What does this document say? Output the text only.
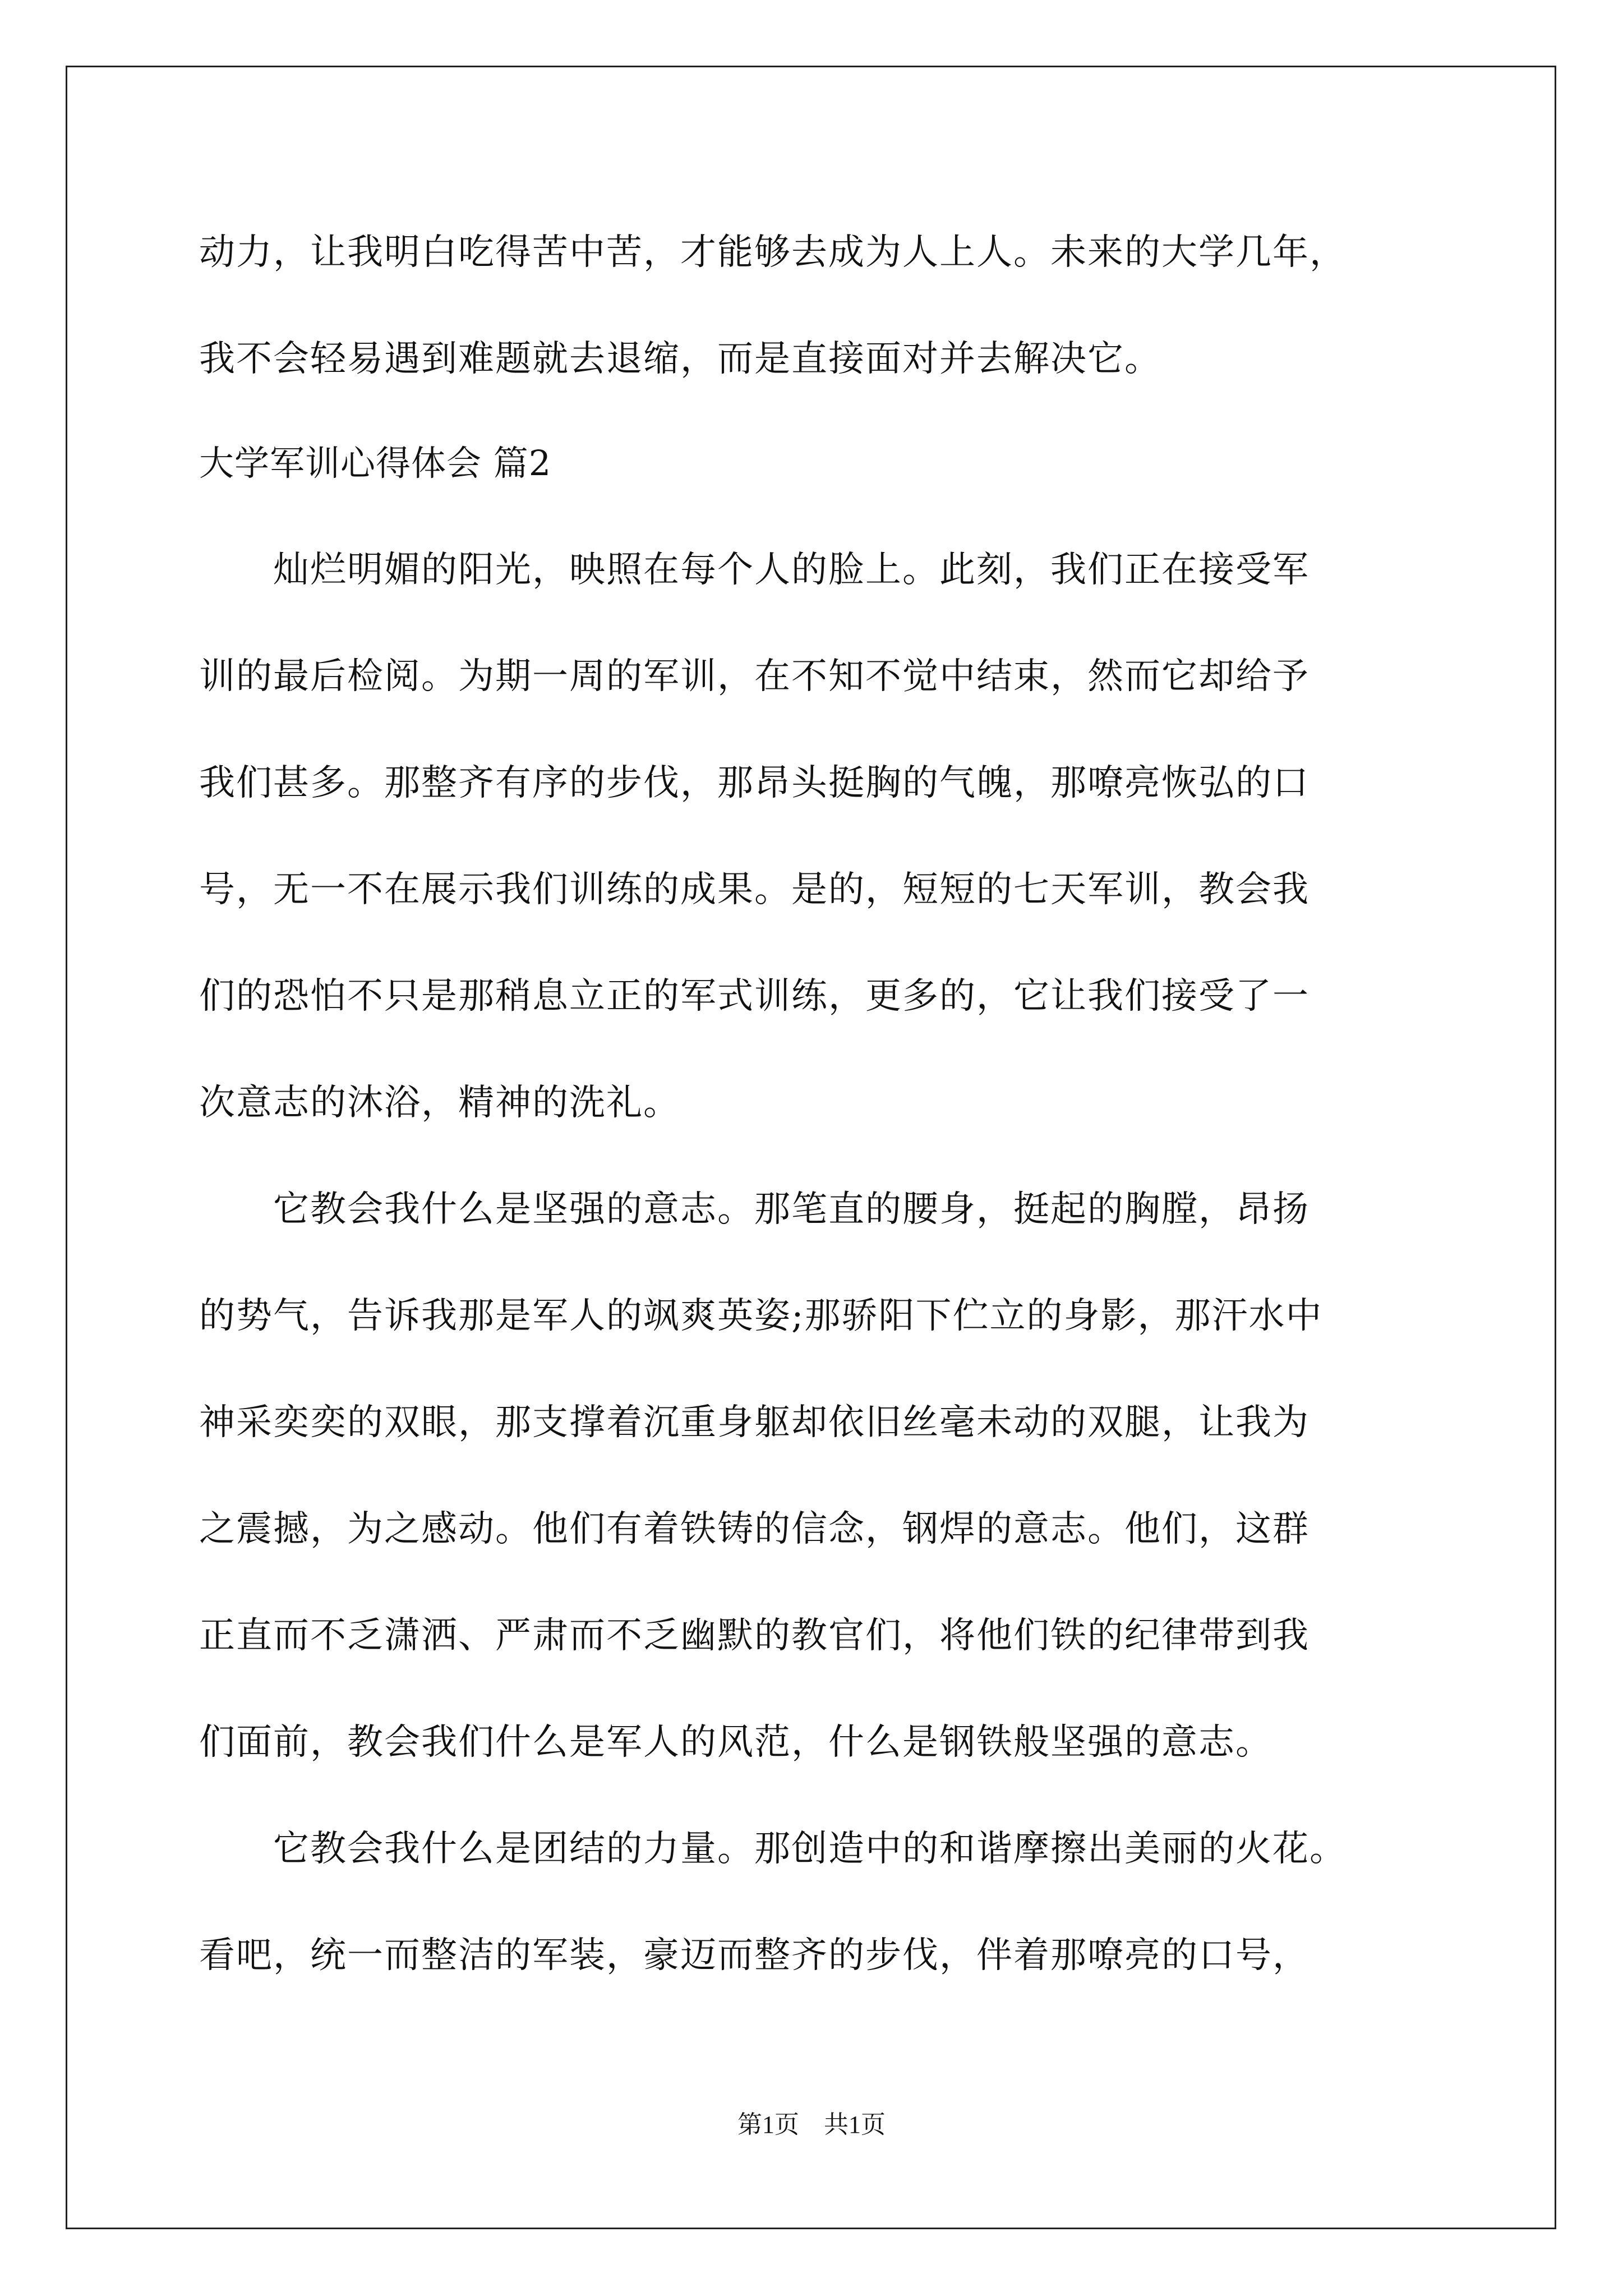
动力，让我明白吃得苦中苦，才能够去成为人上人。未来的大学几年，

我不会轻易遇到难题就去退缩，而是直接面对并去解决它。

大学军训心得体会 篇2

　　灿烂明媚的阳光，映照在每个人的脸上。此刻，我们正在接受军

训的最后检阅。为期一周的军训，在不知不觉中结束，然而它却给予

我们甚多。那整齐有序的步伐，那昂头挺胸的气魄，那嘹亮恢弘的口

号，无一不在展示我们训练的成果。是的，短短的七天军训，教会我

们的恐怕不只是那稍息立正的军式训练，更多的，它让我们接受了一

次意志的沐浴，精神的洗礼。

　　它教会我什么是坚强的意志。那笔直的腰身，挺起的胸膛，昂扬

的势气，告诉我那是军人的飒爽英姿;那骄阳下伫立的身影，那汗水中

神采奕奕的双眼，那支撑着沉重身躯却依旧丝毫未动的双腿，让我为

之震撼，为之感动。他们有着铁铸的信念，钢焊的意志。他们，这群

正直而不乏潇洒、严肃而不乏幽默的教官们，将他们铁的纪律带到我

们面前，教会我们什么是军人的风范，什么是钢铁般坚强的意志。

　　它教会我什么是团结的力量。那创造中的和谐摩擦出美丽的火花。

看吧，统一而整洁的军装，豪迈而整齐的步伐，伴着那嘹亮的口号，

第1页　共1页
